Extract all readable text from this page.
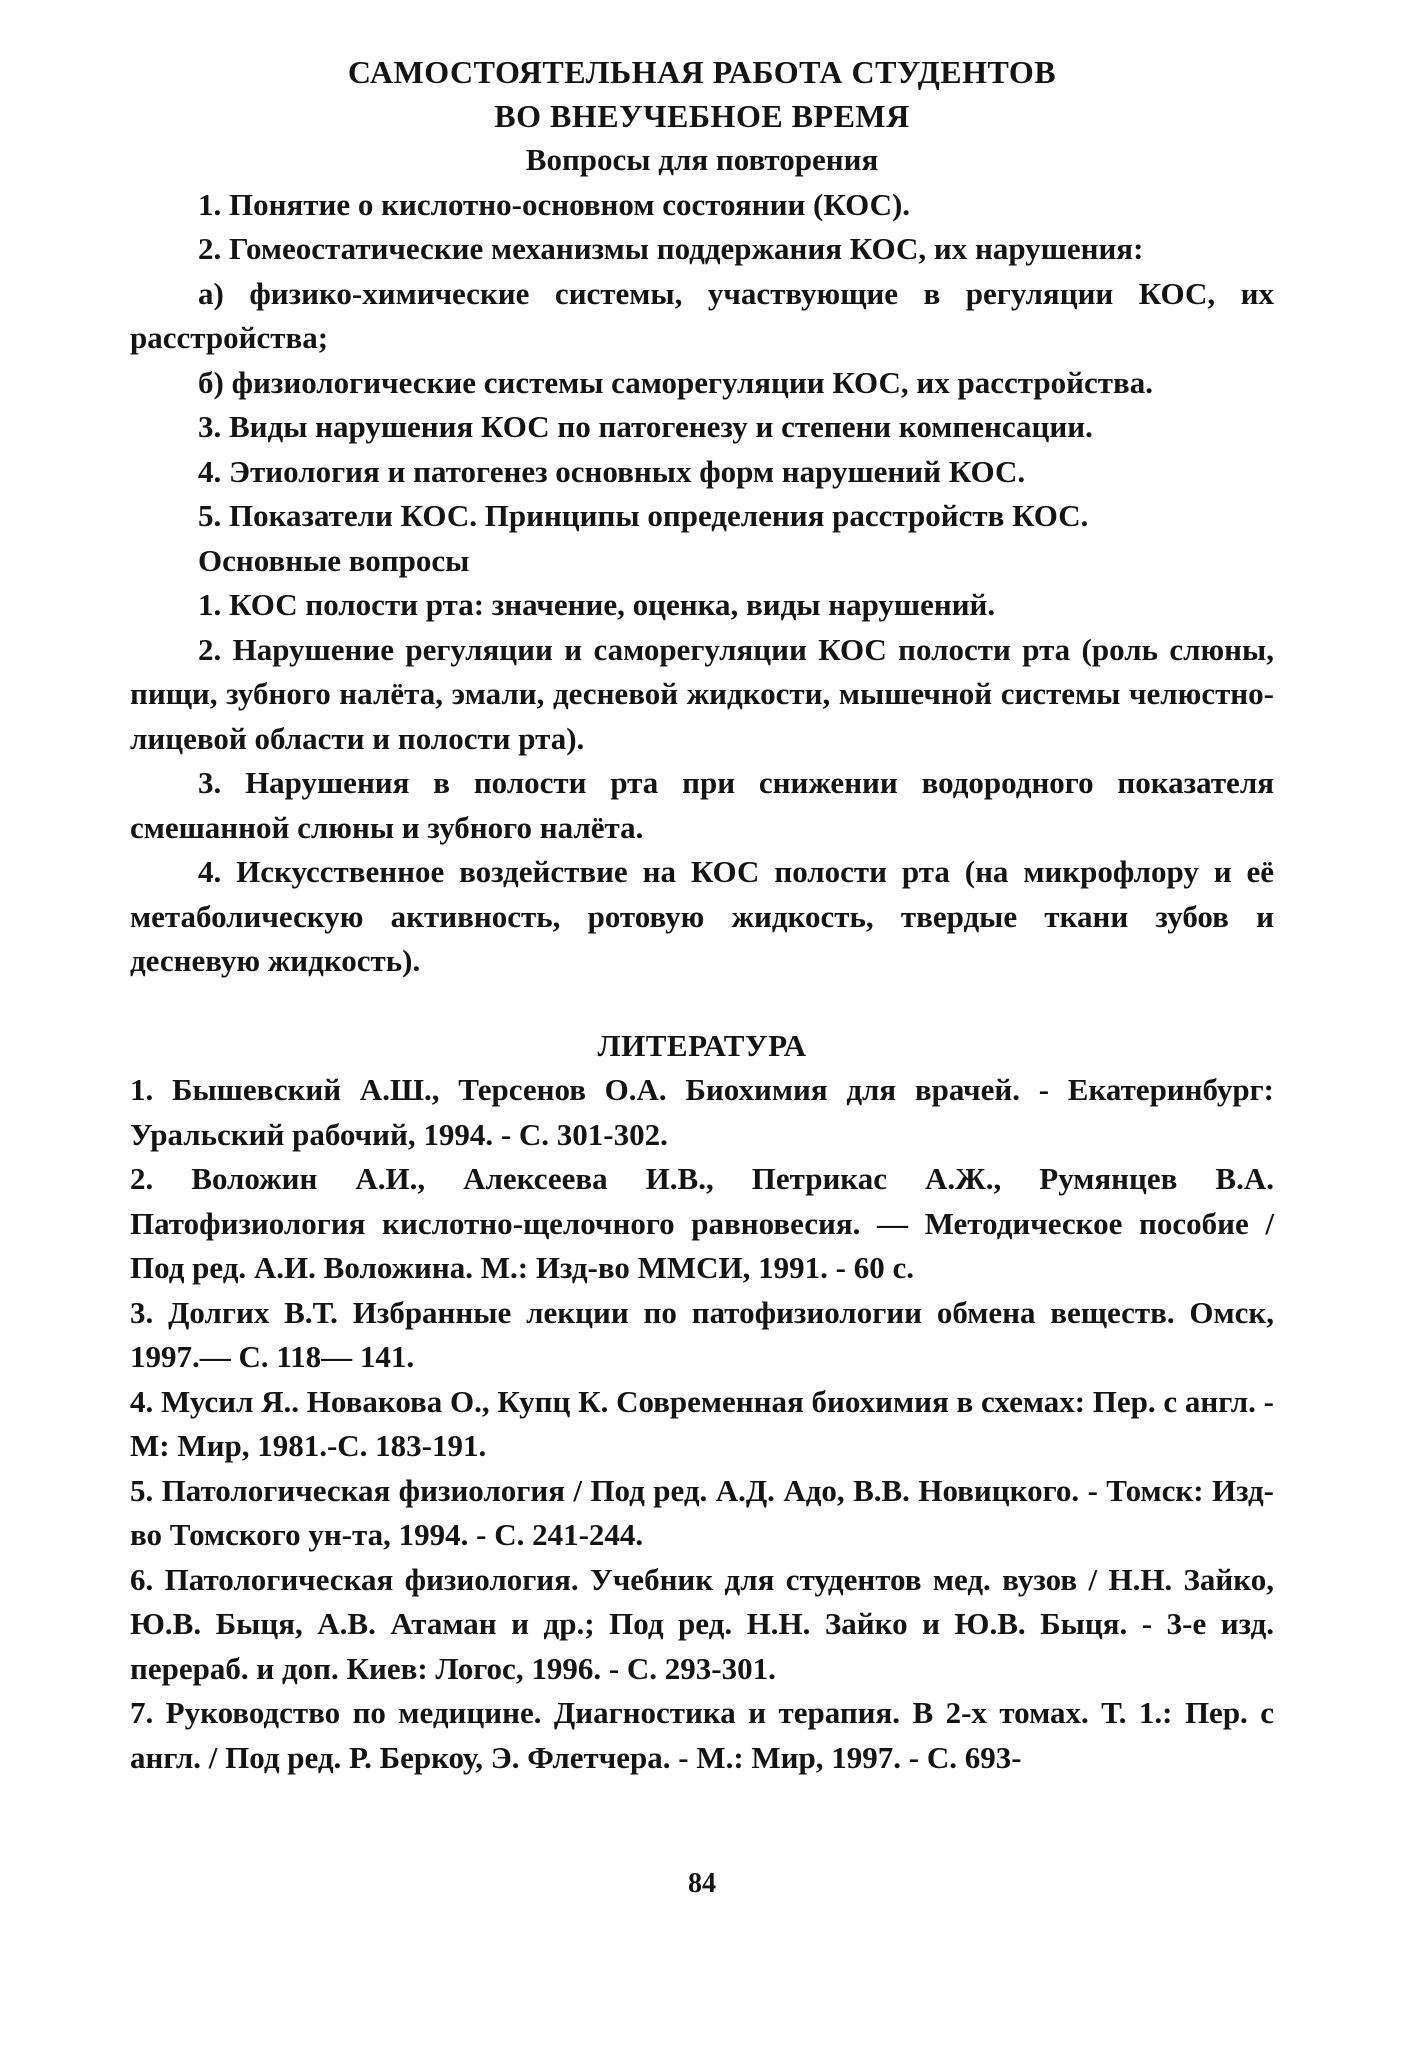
САМОСТОЯТЕЛЬНАЯ РАБОТА СТУДЕНТОВ

ВО ВНЕУЧЕБНОЕ ВРЕМЯ

Вопросы для повторения

1. Понятие о кислотно-основном состоянии (КОС).

2. Гомеостатические механизмы поддержания КОС, их нарушения:

а) физико-химические системы, участвующие в регуляции КОС, их расстройства;

б) физиологические системы саморегуляции КОС, их расстройства.

3. Виды нарушения КОС по патогенезу и степени компенсации.

4. Этиология и патогенез основных форм нарушений КОС.

5. Показатели КОС. Принципы определения расстройств КОС.

Основные вопросы

1. КОС полости рта: значение, оценка, виды нарушений.

2. Нарушение регуляции и саморегуляции КОС полости рта (роль слюны, пищи, зубного налёта, эмали, десневой жидкости, мышечной системы челюстно-лицевой области и полости рта).

3. Нарушения в полости рта при снижении водородного показателя смешанной слюны и зубного налёта.

4. Искусственное воздействие на КОС полости рта (на микрофлору и её метаболическую активность, ротовую жидкость, твердые ткани зубов и десневую жидкость).

ЛИТЕРАТУРА

1. Бышевский А.Ш., Терсенов О.А. Биохимия для врачей. - Екатеринбург: Уральский рабочий, 1994. - С. 301-302.

2. Воложин А.И., Алексеева И.В., Петрикас А.Ж., Румянцев В.А. Патофизиология кислотно-щелочного равновесия. — Методическое пособие / Под ред. А.И. Воложина. М.: Изд-во ММСИ, 1991. - 60 с.

3. Долгих В.Т. Избранные лекции по патофизиологии обмена веществ. Омск, 1997.— С. 118— 141.

4. Мусил Я.. Новакова О., Купц К. Современная биохимия в схемах: Пер. с англ. - М: Мир, 1981.-С. 183-191.

5. Патологическая физиология / Под ред. А.Д. Адо, В.В. Новицкого. - Томск: Изд-во Томского ун-та, 1994. - С. 241-244.

6. Патологическая физиология. Учебник для студентов мед. вузов / Н.Н. Зайко, Ю.В. Быця, А.В. Атаман и др.; Под ред. Н.Н. Зайко и Ю.В. Быця. - 3-е изд. перераб. и доп. Киев: Логос, 1996. - С. 293-301.

7. Руководство по медицине. Диагностика и терапия. В 2-х томах. Т. 1.: Пер. с англ. / Под ред. Р. Беркоу, Э. Флетчера. - М.: Мир, 1997. - С. 693-

84
